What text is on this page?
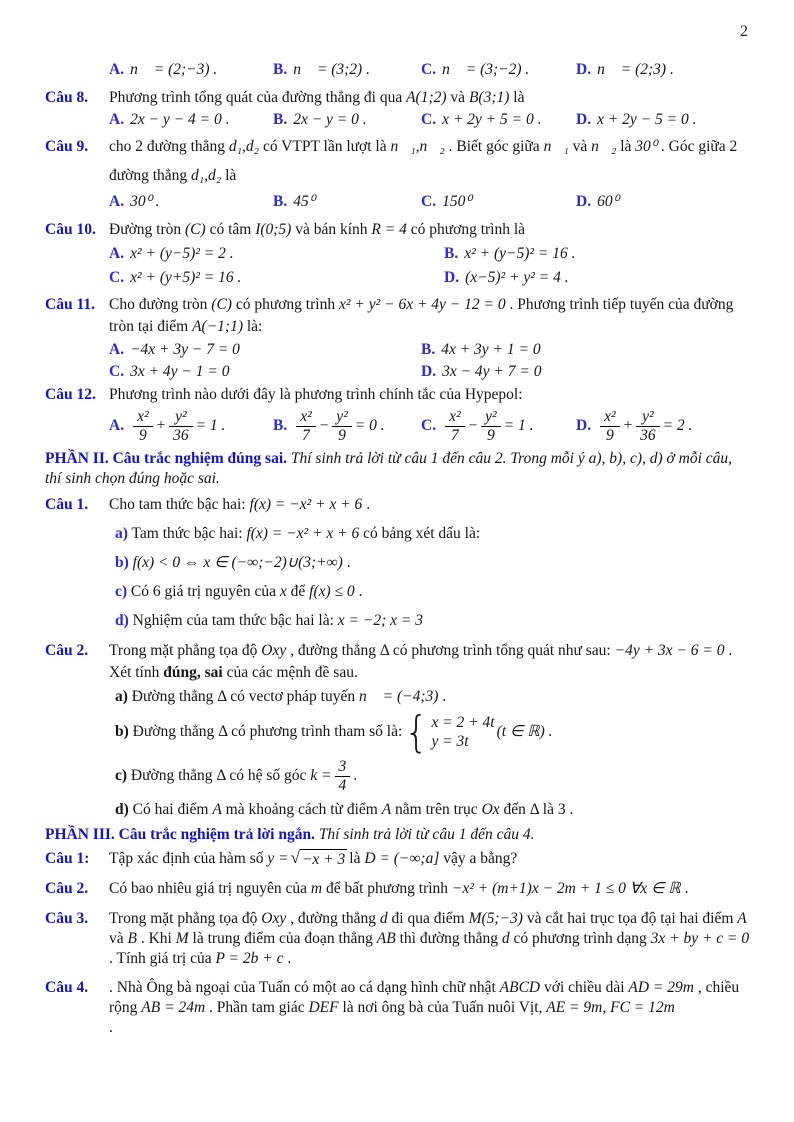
2
A. n⃗ = (2;−3) .	B. n⃗ = (3;2) .	C. n⃗ = (3;−2) .	D. n⃗ = (2;3) .
Câu 8.	Phương trình tổng quát của đường thẳng đi qua A(1;2) và B(3;1) là
A. 2x − y − 4 = 0 .	B. 2x − y = 0 .	C. x + 2y + 5 = 0 .	D. x + 2y − 5 = 0 .
Câu 9.	cho 2 đường thẳng d₁,d₂ có VTPT lần lượt là n⃗₁,n⃗₂ . Biết góc giữa n⃗₁ và n⃗₂ là 30⁰ . Góc giữa 2
đường thẳng d₁,d₂ là
A. 30⁰ .	B. 45⁰	C. 150⁰	D. 60⁰
Câu 10. Đường tròn (C) có tâm I(0;5) và bán kính R = 4 có phương trình là
A. x² + (y−5)² = 2 .	B. x² + (y−5)² = 16 .
C. x² + (y+5)² = 16 .	D. (x−5)² + y² = 4 .
Câu 11. Cho đường tròn (C) có phương trình x² + y² − 6x + 4y − 12 = 0 . Phương trình tiếp tuyến của đường
tròn tại điểm A(−1;1) là:
A. −4x + 3y − 7 = 0	B. 4x + 3y + 1 = 0
C. 3x + 4y − 1 = 0	D. 3x − 4y + 7 = 0
Câu 12. Phương trình nào dưới đây là phương trình chính tắc của Hypepol:
A. $\frac{\text{x²}}{9} + \frac{\text{y²}}{36} = 1$ .	B. $\frac{\text{x²}}{7} - \frac{\text{y²}}{9} = 0$ . C. $\frac{\text{x²}}{7} - \frac{\text{y²}}{9} = 1$ .	D. $\frac{\text{x²}}{9} + \frac{\text{y²}}{36} = 2$ .
PHẦN II. Câu trắc nghiệm đúng sai. Thí sinh trả lời từ câu 1 đến câu 2. Trong mỗi ý a), b), c), d) ở mỗi câu,
thí sinh chọn đúng hoặc sai.
Câu 1.	Cho tam thức bậc hai: f(x) = −x² + x + 6 .
a) Tam thức bậc hai: f(x) = −x² + x + 6 có bảng xét dấu là:
b) f(x) < 0 ⇔ x ∈ (−∞;−2)∪(3;+∞) .
c) Có 6 giá trị nguyên của x để f(x) ≤ 0 .
d) Nghiệm của tam thức bậc hai là: x = −2; x = 3
Câu 2.	Trong mặt phẳng tọa độ Oxy , đường thẳng Δ có phương trình tổng quát như sau: −4y + 3x − 6 = 0 .
Xét tính đúng, sai của các mệnh đề sau.
a) Đường thẳng Δ có vectơ pháp tuyến n⃗ = (−4;3) .
b) Đường thẳng Δ có phương trình tham số là: { x = 2 + 4t
y = 3t
(t ∈ ℝ) .
c) Đường thẳng Δ có hệ số góc $k = \frac{3}{4}$ .
d) Có hai điểm A mà khoảng cách từ điểm A nằm trên trục Ox đến Δ là 3 .
PHẦN III. Câu trắc nghiệm trả lời ngắn. Thí sinh trả lời từ câu 1 đến câu 4.
Câu 1:	Tập xác định của hàm số y = √ −x + 3 là D = (−∞;a] vậy a bằng?
Câu 2.	Có bao nhiêu giá trị nguyên của m để bất phương trình −x² + (m+1)x − 2m + 1 ≤ 0 ∀x ∈ ℝ .
Câu 3.	Trong mặt phẳng tọa độ Oxy , đường thẳng d đi qua điểm M(5;−3) và cắt hai trục tọa độ tại hai điểm A và B . Khi M là trung điểm của đoạn thẳng AB thì đường thẳng d có phương trình dạng 3x + by + c = 0 . Tính giá trị của P = 2b + c .
Câu 4.	. Nhà Ông bà ngoại của Tuấn có một ao cá dạng hình chữ nhật ABCD với chiều dài AD = 29m , chiều rộng AB = 24m . Phần tam giác DEF là nơi ông bà của Tuấn nuôi Vịt, AE = 9m, FC = 12m
.
